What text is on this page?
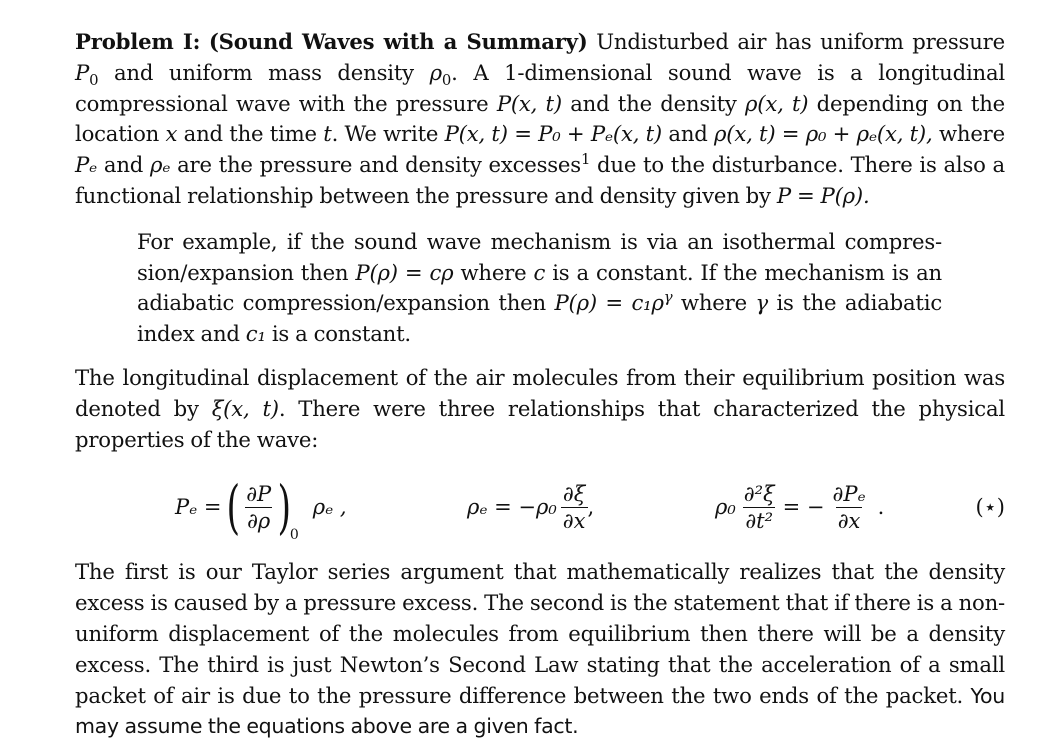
Problem I: (Sound Waves with a Summary) Undisturbed air has uniform pressure $P_0$ and uniform mass density $\rho_0$. A 1-dimensional sound wave is a longitudinal compressional wave with the pressure P(x, t) and the density ρ(x, t) depending on the location x and the time t. We write P(x, t) = P₀ + Pₑ(x, t) and ρ(x, t) = ρ₀ + ρₑ(x, t), where Pₑ and ρₑ are the pressure and density excesses$^1$ due to the disturbance. There is also a functional relationship between the pressure and density given by P = P(ρ).

For example, if the sound wave mechanism is via an isothermal compres-sion/expansion then P(ρ) = cρ where c is a constant. If the mechanism is an adiabatic compression/expansion then $P(\rho) = c_1\rho^\gamma$ where γ is the adiabatic index and c₁ is a constant.

The longitudinal displacement of the air molecules from their equilibrium position was denoted by ξ(x, t). There were three relationships that characterized the physical properties of the wave:

Pₑ = ( $\frac{\partial P}{\partial\rho}$ )
0
ρₑ ,	$\rho_e = -\rho_0 \frac{\partial\xi}{\partial x}$ ,	$\rho_0 \frac{\text{∂²ξ}}{\text{∂t²}}$ = − $\frac{\text{∂Pₑ}}{\partial x}$ .	(⋆)

The first is our Taylor series argument that mathematically realizes that the density excess is caused by a pressure excess. The second is the statement that if there is a non-uniform displacement of the molecules from equilibrium then there will be a density excess. The third is just Newton’s Second Law stating that the acceleration of a small packet of air is due to the pressure difference between the two ends of the packet. You may assume the equations above are a given fact.
